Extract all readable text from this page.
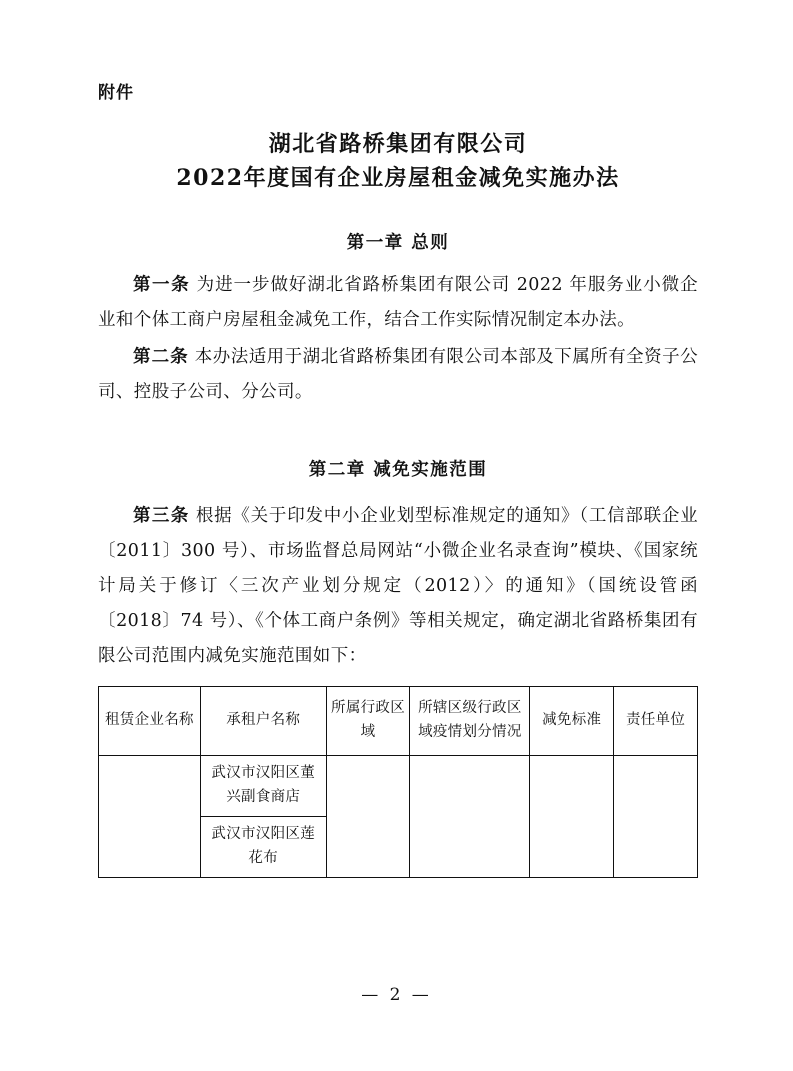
附件
湖北省路桥集团有限公司
2022年度国有企业房屋租金减免实施办法
第一章 总则

第一条 为进一步做好湖北省路桥集团有限公司 2022 年服务业小微企业和个体工商户房屋租金减免工作，结合工作实际情况制定本办法。

第二条 本办法适用于湖北省路桥集团有限公司本部及下属所有全资子公司、控股子公司、分公司。

第二章 减免实施范围

第三条 根据《关于印发中小企业划型标准规定的通知》（工信部联企业〔2011〕300 号）、市场监督总局网站“小微企业名录查询”模块、《国家统计局关于修订〈三次产业划分规定（2012）〉的通知》（国统设管函〔2018〕74 号）、《个体工商户条例》等相关规定，确定湖北省路桥集团有限公司范围内减免实施范围如下：

租赁企业名称	承租户名称	所属行政区域	所辖区级行政区域疫情划分情况	减免标准	责任单位
	武汉市汉阳区董兴副食商店				
	武汉市汉阳区莲花布				
— 2 —
